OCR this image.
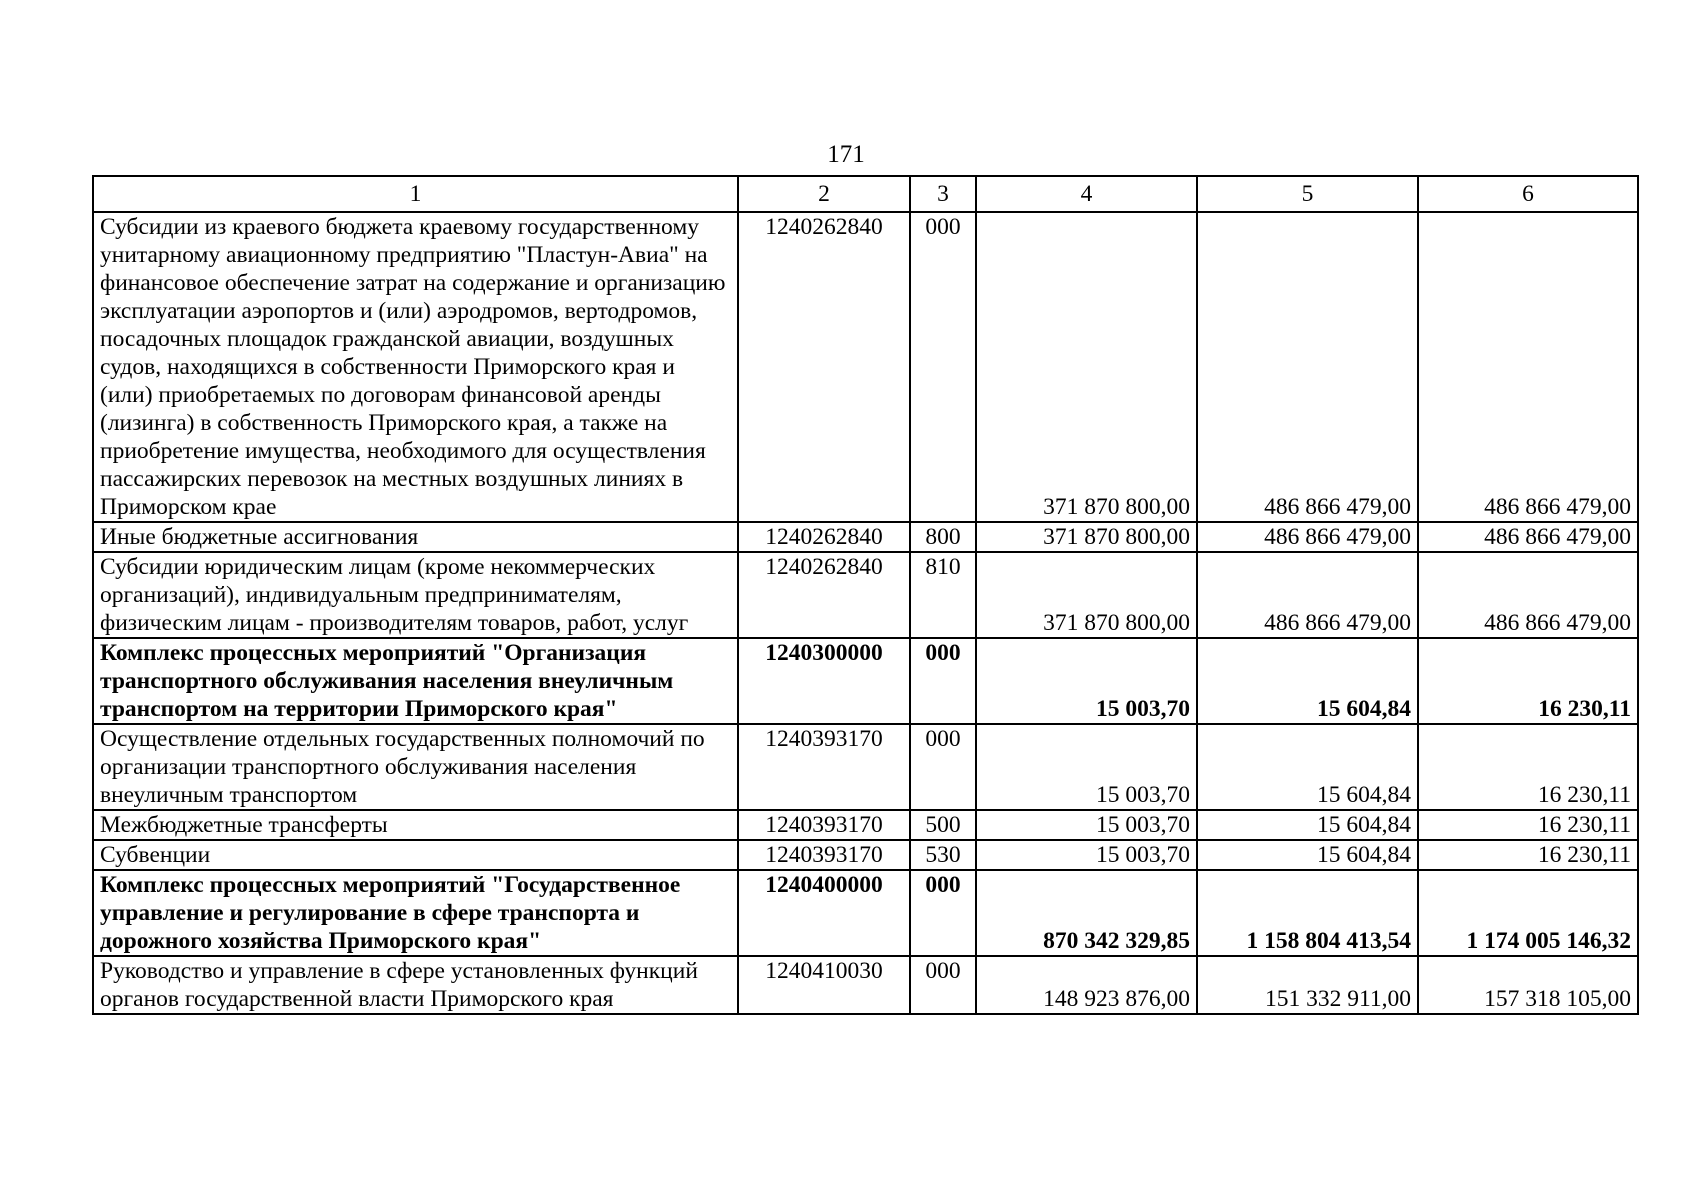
171
1	2	3	4	5	6
Субсидии из краевого бюджета краевому государственному унитарному авиационному предприятию "Пластун-Авиа" на финансовое обеспечение затрат на содержание и организацию эксплуатации аэропортов и (или) аэродромов, вертодромов, посадочных площадок гражданской авиации, воздушных судов, находящихся в собственности Приморского края и (или) приобретаемых по договорам финансовой аренды (лизинга) в собственность Приморского края, а также на приобретение имущества, необходимого для осуществления пассажирских перевозок на местных воздушных линиях в Приморском крае	1240262840	000	371 870 800,00	486 866 479,00	486 866 479,00
Иные бюджетные ассигнования	1240262840	800	371 870 800,00	486 866 479,00	486 866 479,00
Субсидии юридическим лицам (кроме некоммерческих организаций), индивидуальным предпринимателям, физическим лицам - производителям товаров, работ, услуг	1240262840	810	371 870 800,00	486 866 479,00	486 866 479,00
Комплекс процессных мероприятий "Организация транспортного обслуживания населения внеуличным транспортом на территории Приморского края"	1240300000	000	15 003,70	15 604,84	16 230,11
Осуществление отдельных государственных полномочий по организации транспортного обслуживания населения внеуличным транспортом	1240393170	000	15 003,70	15 604,84	16 230,11
Межбюджетные трансферты	1240393170	500	15 003,70	15 604,84	16 230,11
Субвенции	1240393170	530	15 003,70	15 604,84	16 230,11
Комплекс процессных мероприятий "Государственное управление и регулирование в сфере транспорта и дорожного хозяйства Приморского края"	1240400000	000	870 342 329,85	1 158 804 413,54	1 174 005 146,32
Руководство и управление в сфере установленных функций органов государственной власти Приморского края	1240410030	000	148 923 876,00	151 332 911,00	157 318 105,00
